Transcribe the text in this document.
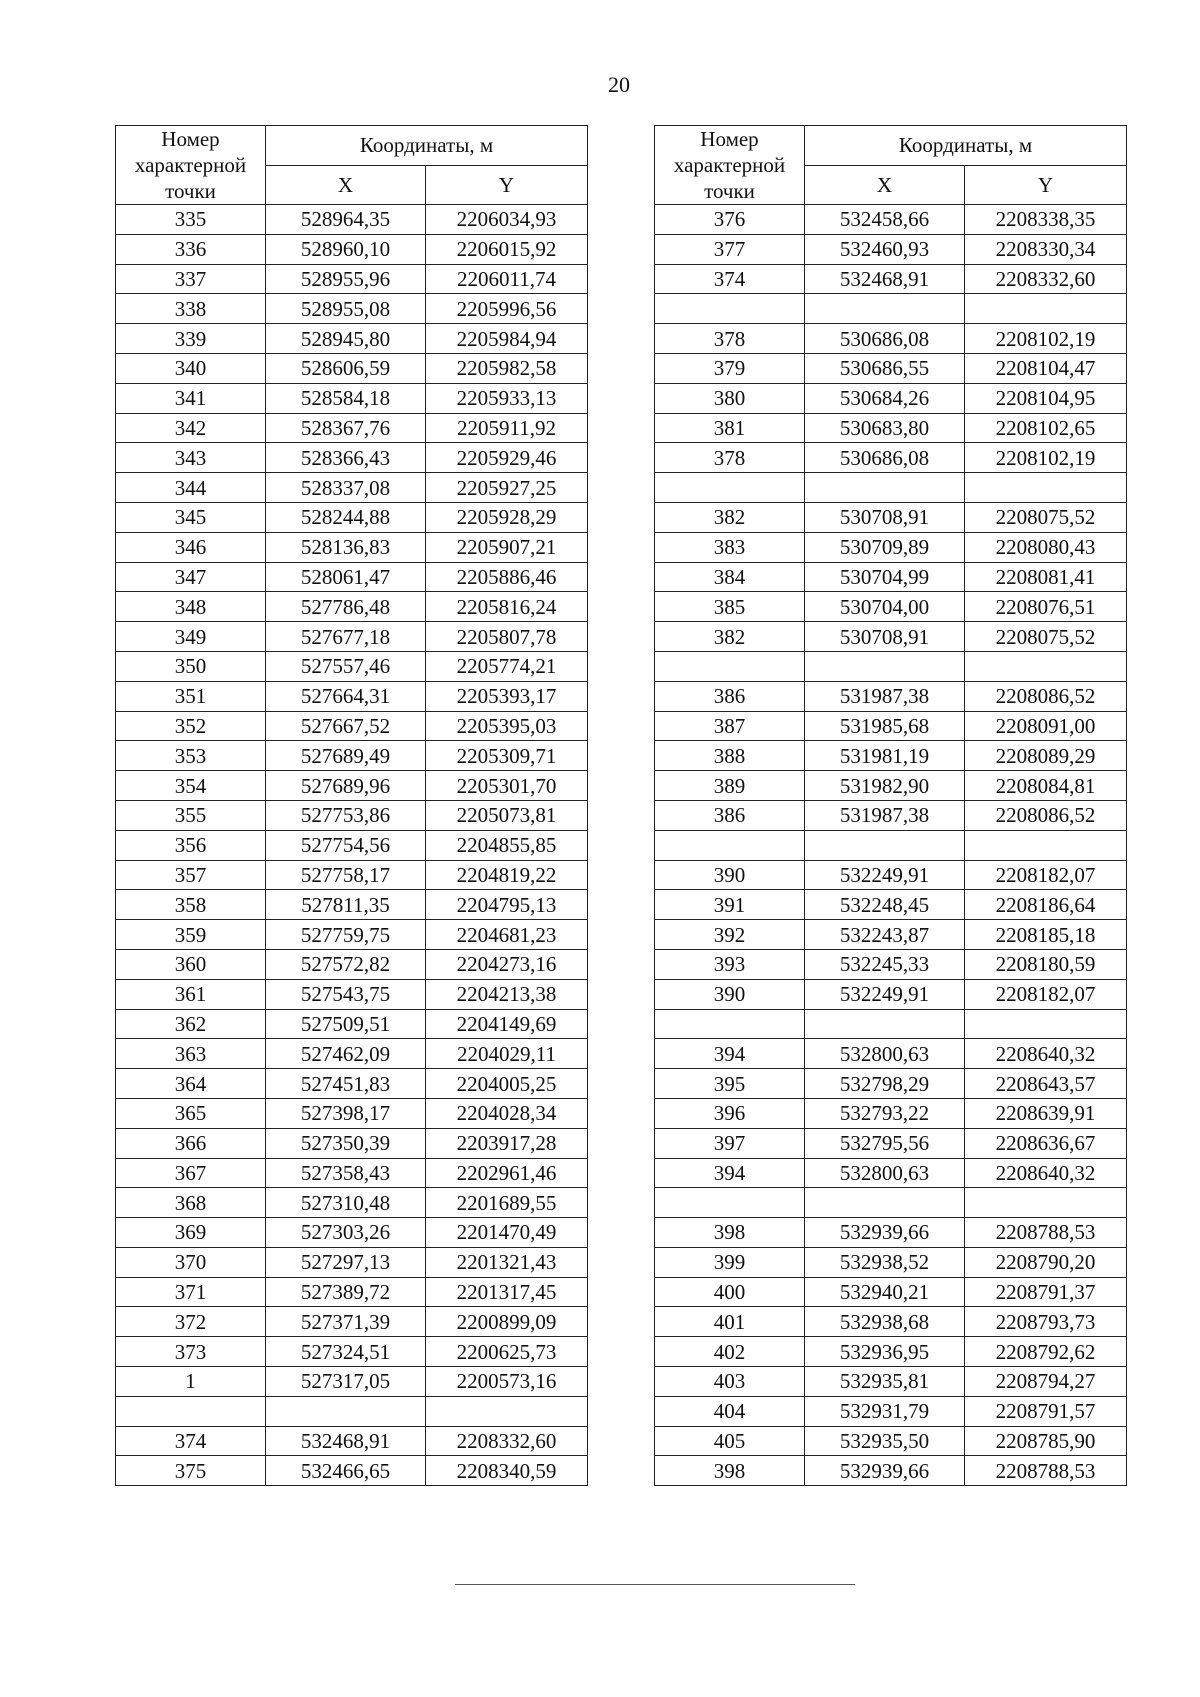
20
Номер характерной точки	Координаты, м	
	X	Y
335	528964,35	2206034,93
336	528960,10	2206015,92
337	528955,96	2206011,74
338	528955,08	2205996,56
339	528945,80	2205984,94
340	528606,59	2205982,58
341	528584,18	2205933,13
342	528367,76	2205911,92
343	528366,43	2205929,46
344	528337,08	2205927,25
345	528244,88	2205928,29
346	528136,83	2205907,21
347	528061,47	2205886,46
348	527786,48	2205816,24
349	527677,18	2205807,78
350	527557,46	2205774,21
351	527664,31	2205393,17
352	527667,52	2205395,03
353	527689,49	2205309,71
354	527689,96	2205301,70
355	527753,86	2205073,81
356	527754,56	2204855,85
357	527758,17	2204819,22
358	527811,35	2204795,13
359	527759,75	2204681,23
360	527572,82	2204273,16
361	527543,75	2204213,38
362	527509,51	2204149,69
363	527462,09	2204029,11
364	527451,83	2204005,25
365	527398,17	2204028,34
366	527350,39	2203917,28
367	527358,43	2202961,46
368	527310,48	2201689,55
369	527303,26	2201470,49
370	527297,13	2201321,43
371	527389,72	2201317,45
372	527371,39	2200899,09
373	527324,51	2200625,73
1	527317,05	2200573,16

374	532468,91	2208332,60
375	532466,65	2208340,59
Номер характерной точки	Координаты, м	
	X	Y
376	532458,66	2208338,35
377	532460,93	2208330,34
374	532468,91	2208332,60

378	530686,08	2208102,19
379	530686,55	2208104,47
380	530684,26	2208104,95
381	530683,80	2208102,65
378	530686,08	2208102,19

382	530708,91	2208075,52
383	530709,89	2208080,43
384	530704,99	2208081,41
385	530704,00	2208076,51
382	530708,91	2208075,52

386	531987,38	2208086,52
387	531985,68	2208091,00
388	531981,19	2208089,29
389	531982,90	2208084,81
386	531987,38	2208086,52

390	532249,91	2208182,07
391	532248,45	2208186,64
392	532243,87	2208185,18
393	532245,33	2208180,59
390	532249,91	2208182,07

394	532800,63	2208640,32
395	532798,29	2208643,57
396	532793,22	2208639,91
397	532795,56	2208636,67
394	532800,63	2208640,32

398	532939,66	2208788,53
399	532938,52	2208790,20
400	532940,21	2208791,37
401	532938,68	2208793,73
402	532936,95	2208792,62
403	532935,81	2208794,27
404	532931,79	2208791,57
405	532935,50	2208785,90
398	532939,66	2208788,53
